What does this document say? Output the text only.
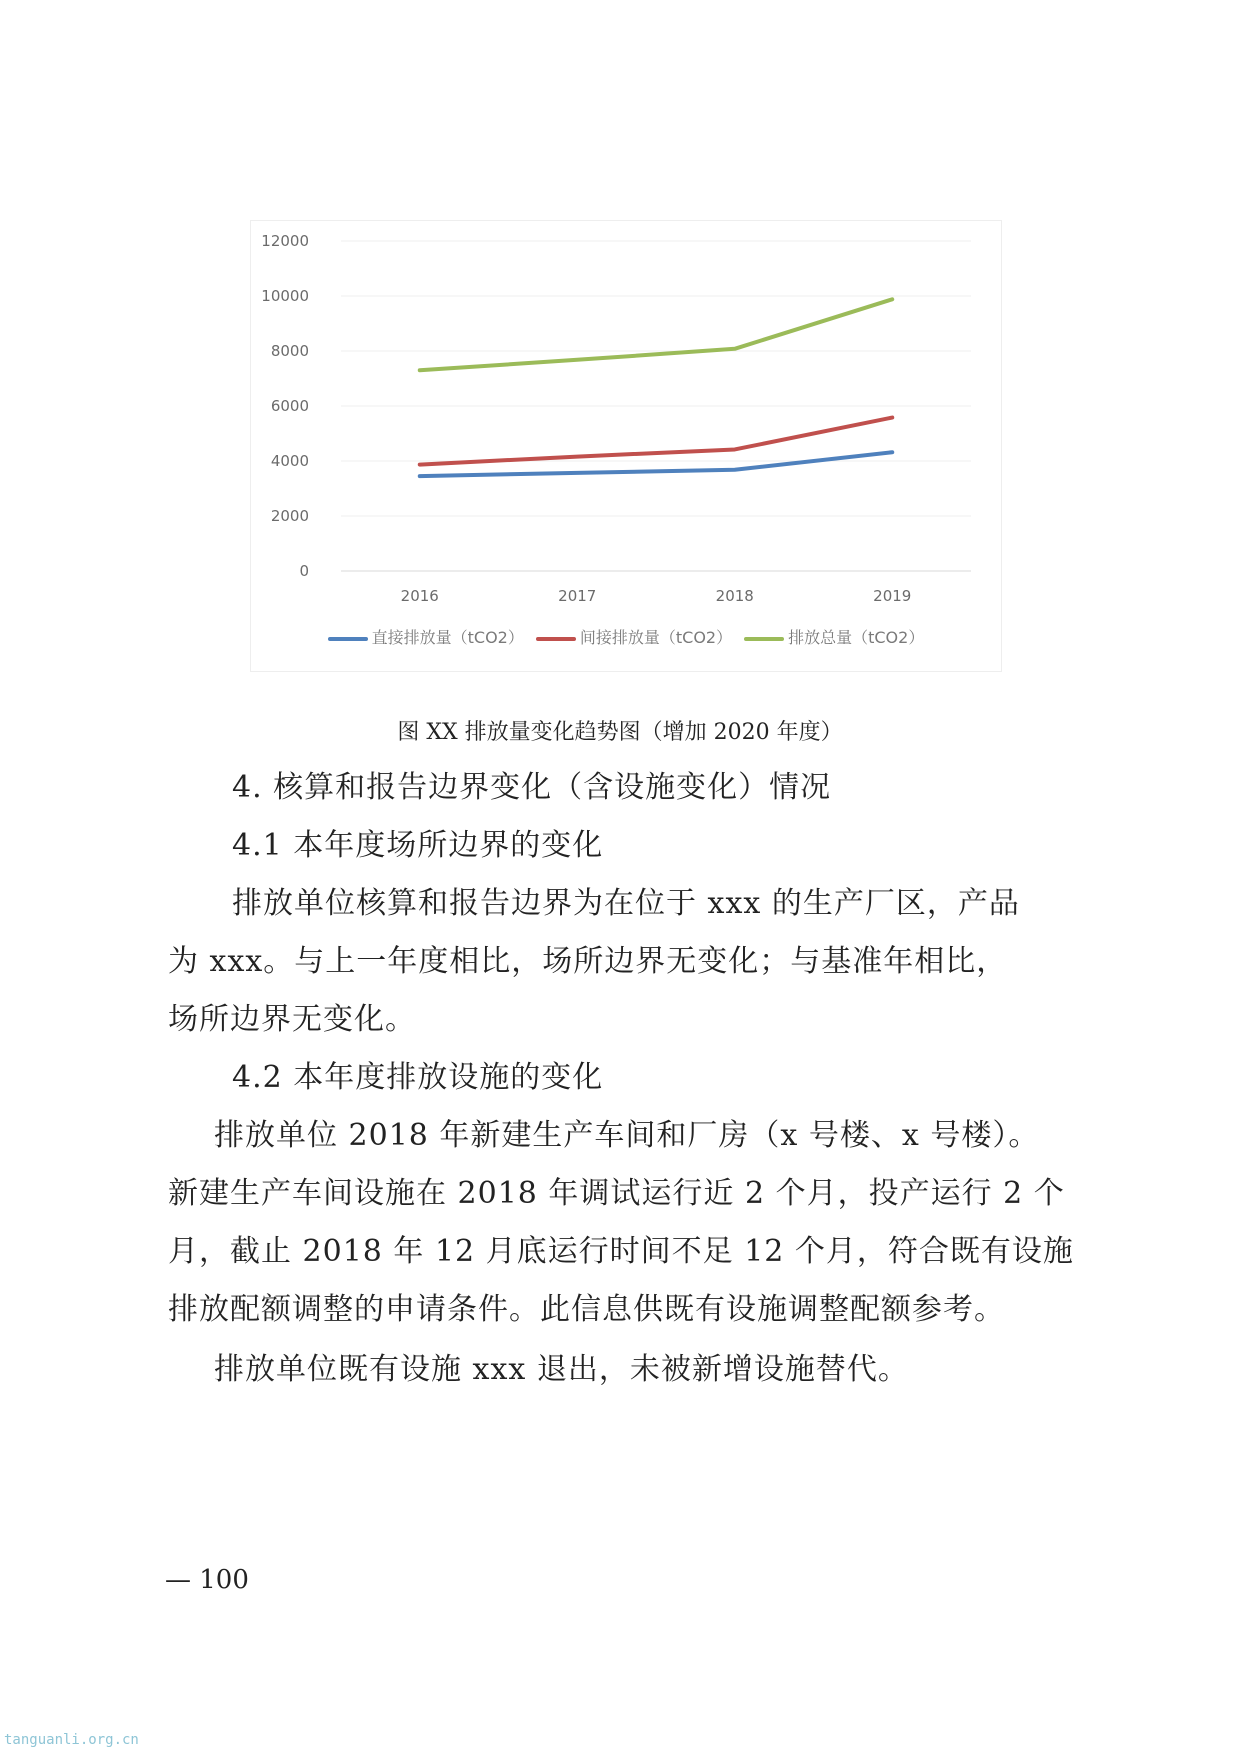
0
2000
4000
6000
8000
10000
12000
2016	2017	2018	2019
直接排放量（tCO2）	间接排放量（tCO2）	排放总量（tCO2）
图 XX 排放量变化趋势图（增加 2020 年度）
4. 核算和报告边界变化（含设施变化）情况
4.1 本年度场所边界的变化
排放单位核算和报告边界为在位于 xxx 的生产厂区，产品
为 xxx。与上一年度相比，场所边界无变化；与基准年相比，
场所边界无变化。
4.2 本年度排放设施的变化
排放单位 2018 年新建生产车间和厂房（x 号楼、x 号楼）。
新建生产车间设施在 2018 年调试运行近 2 个月，投产运行 2 个
月，截止 2018 年 12 月底运行时间不足 12 个月，符合既有设施
排放配额调整的申请条件。此信息供既有设施调整配额参考。
排放单位既有设施 xxx 退出，未被新增设施替代。
— 100
tanguanli.org.cn
